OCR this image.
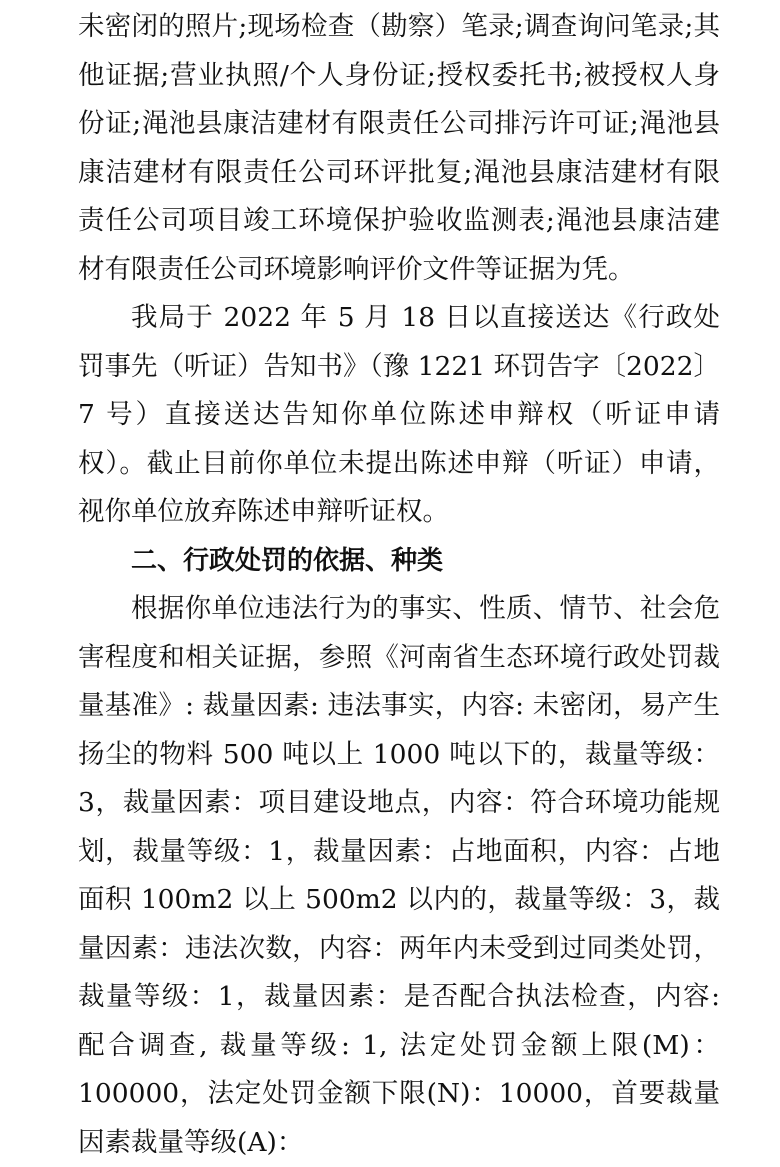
未密闭的照片;现场检查（勘察）笔录;调查询问笔录;其他证据;营业执照/个人身份证;授权委托书;被授权人身份证;渑池县康洁建材有限责任公司排污许可证;渑池县康洁建材有限责任公司环评批复;渑池县康洁建材有限责任公司项目竣工环境保护验收监测表;渑池县康洁建材有限责任公司环境影响评价文件等证据为凭。

我局于 2022 年 5 月 18 日以直接送达《行政处罚事先（听证）告知书》（豫 1221 环罚告字〔2022〕7 号）直接送达告知你单位陈述申辩权（听证申请权）。截止目前你单位未提出陈述申辩（听证）申请，视你单位放弃陈述申辩听证权。

二、行政处罚的依据、种类

根据你单位违法行为的事实、性质、情节、社会危害程度和相关证据，参照《河南省生态环境行政处罚裁量基准》: 裁量因素: 违法事实，内容: 未密闭，易产生扬尘的物料 500 吨以上 1000 吨以下的，裁量等级：3，裁量因素：项目建设地点，内容：符合环境功能规划，裁量等级：1，裁量因素：占地面积，内容：占地面积 100m2 以上 500m2 以内的，裁量等级：3，裁量因素：违法次数，内容：两年内未受到过同类处罚，裁量等级：1，裁量因素：是否配合执法检查，内容: 配合调查, 裁量等级: 1, 法定处罚金额上限(M)：100000，法定处罚金额下限(N)：10000，首要裁量因素裁量等级(A)：
